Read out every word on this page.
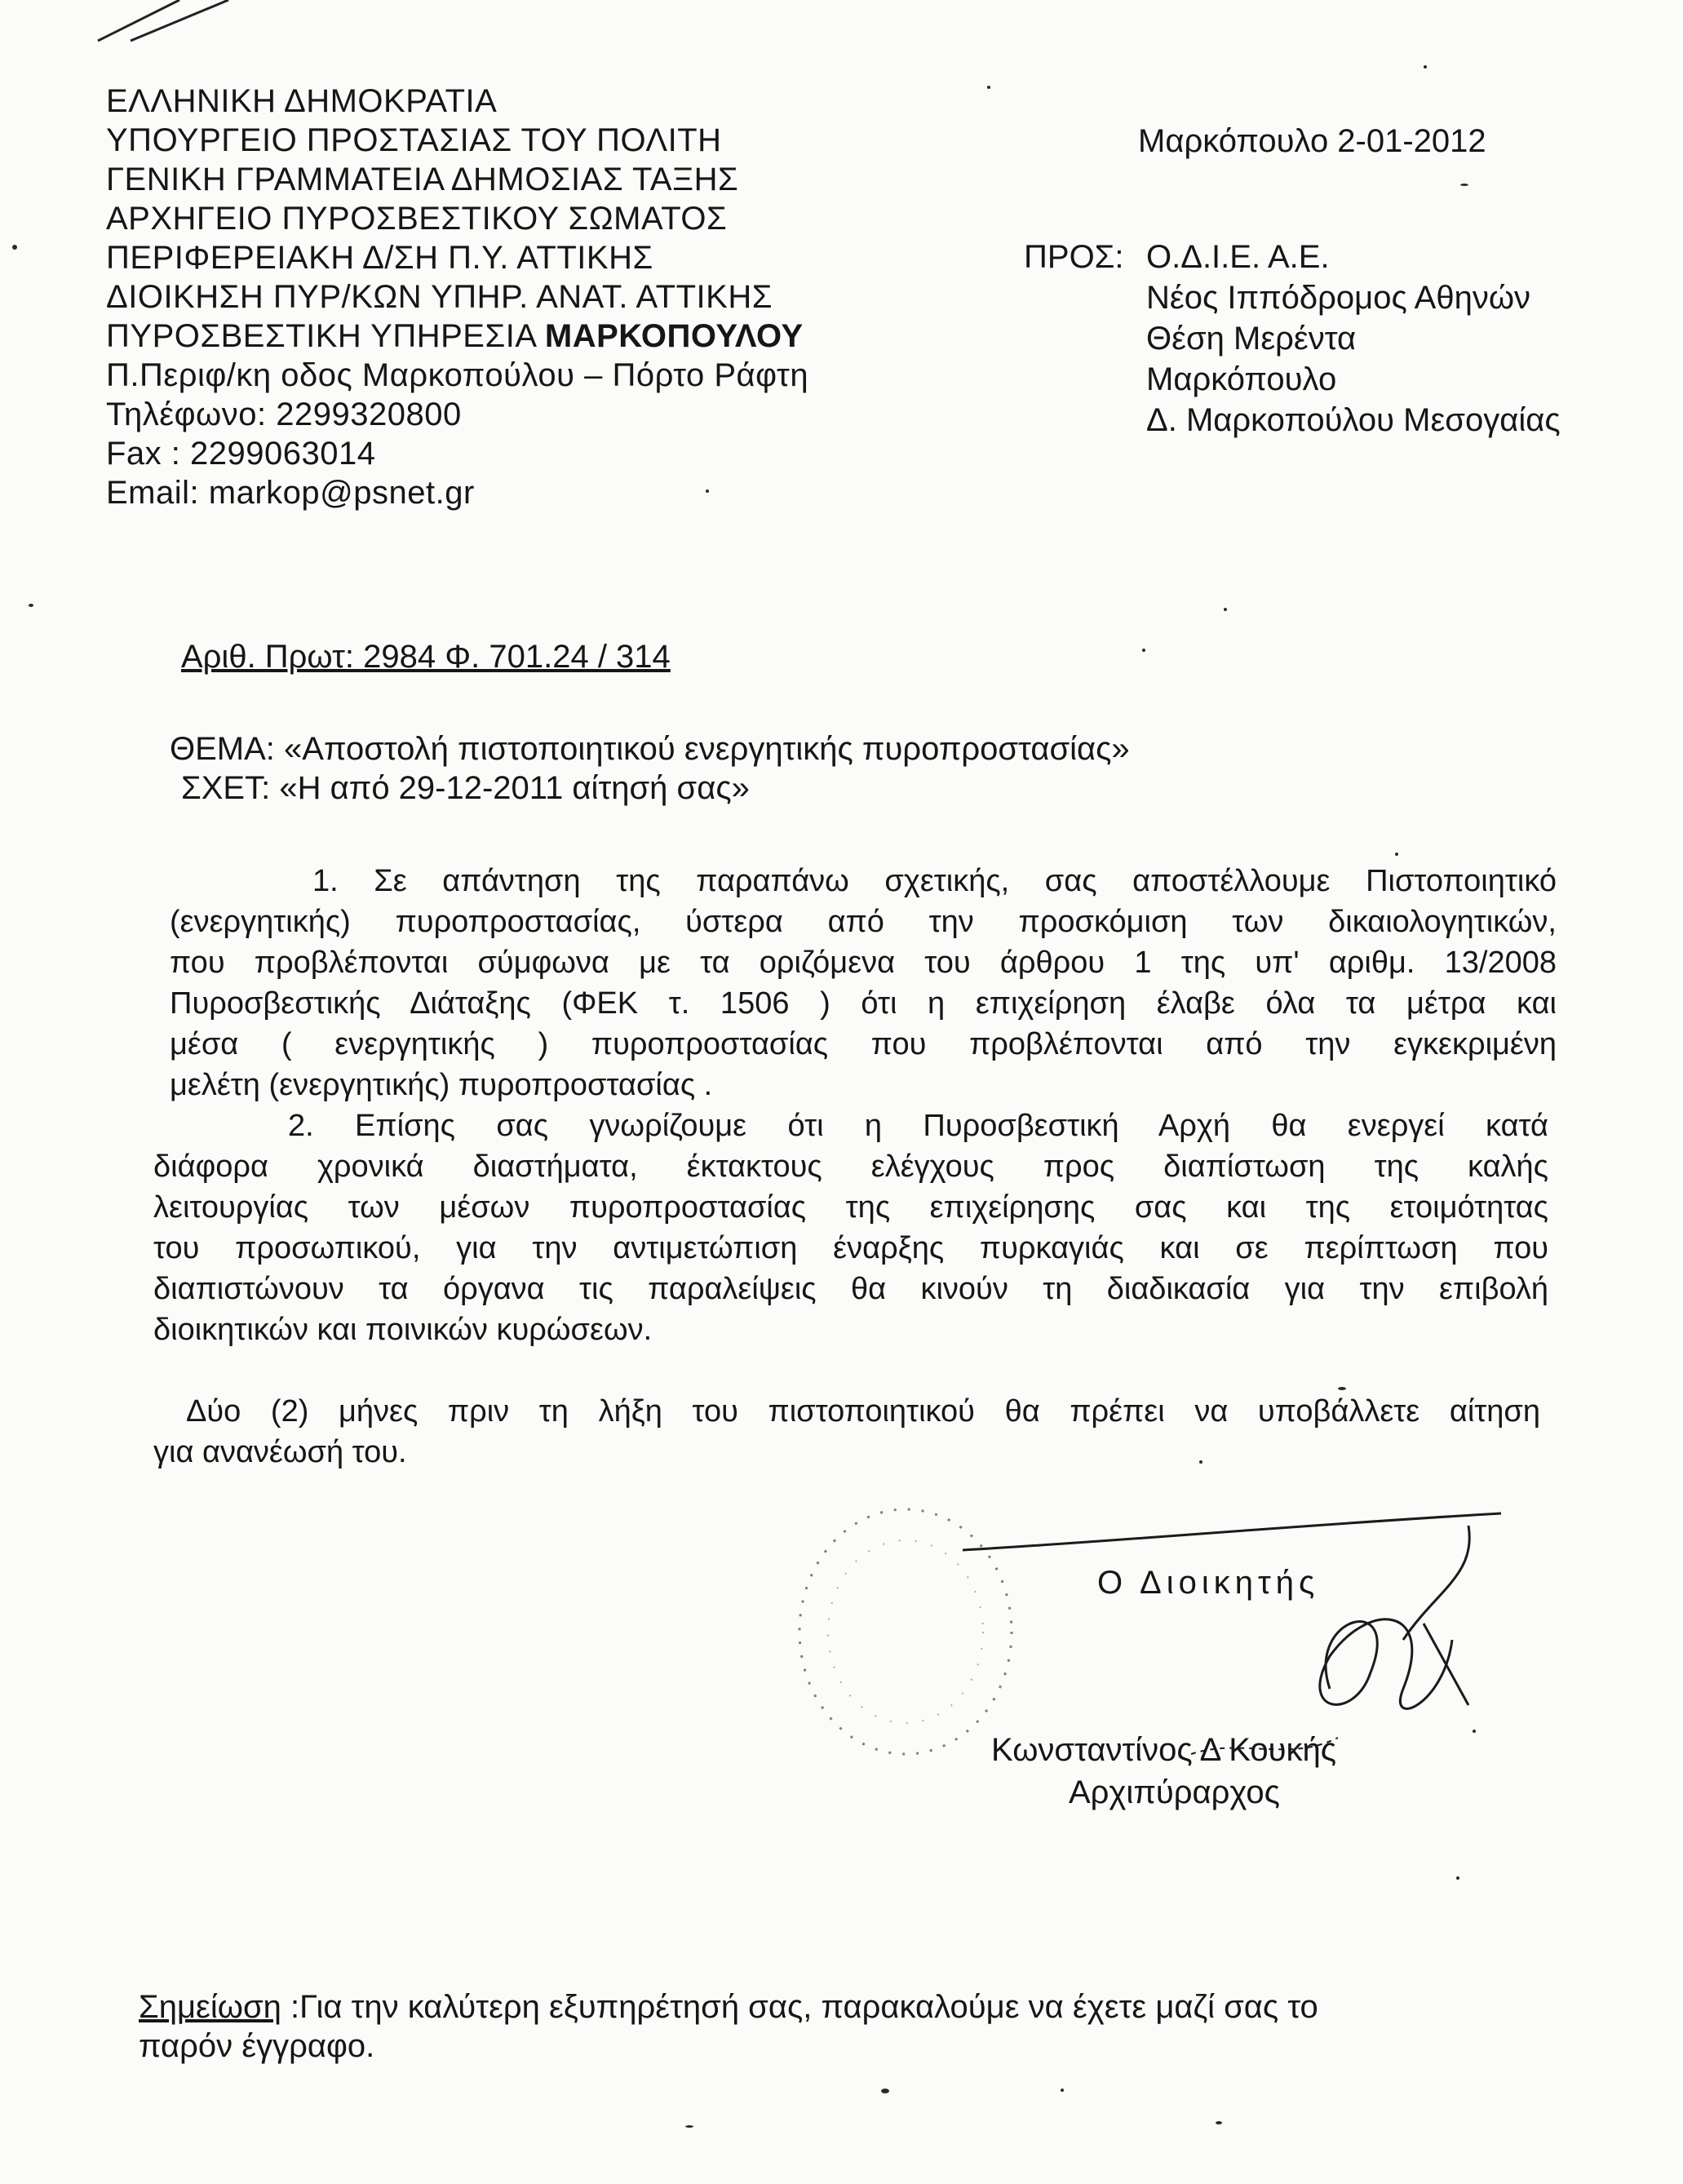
ΕΛΛΗΝΙΚΗ ΔΗΜΟΚΡΑΤΙΑ
ΥΠΟΥΡΓΕΙΟ ΠΡΟΣΤΑΣΙΑΣ ΤΟΥ ΠΟΛΙΤΗ
ΓΕΝΙΚΗ ΓΡΑΜΜΑΤΕΙΑ ΔΗΜΟΣΙΑΣ ΤΑΞΗΣ
ΑΡΧΗΓΕΙΟ ΠΥΡΟΣΒΕΣΤΙΚΟΥ ΣΩΜΑΤΟΣ
ΠΕΡΙΦΕΡΕΙΑΚΗ Δ/ΣΗ Π.Υ. ΑΤΤΙΚΗΣ
ΔΙΟΙΚΗΣΗ ΠΥΡ/ΚΩΝ ΥΠΗΡ. ΑΝΑΤ. ΑΤΤΙΚΗΣ
ΠΥΡΟΣΒΕΣΤΙΚΗ ΥΠΗΡΕΣΙΑ ΜΑΡΚΟΠΟΥΛΟΥ
Π.Περιφ/κη οδος Μαρκοπούλου – Πόρτο Ράφτη
Τηλέφωνο: 2299320800
Fax : 2299063014
Email: markop@psnet.gr
Μαρκόπουλο 2-01-2012
ΠΡΟΣ: Ο.Δ.Ι.Ε. Α.Ε.
Νέος Ιππόδρομος Αθηνών
Θέση Μερέντα
Μαρκόπουλο
Δ. Μαρκοπούλου Μεσογαίας
Αριθ. Πρωτ: 2984 Φ. 701.24 / 314
ΘΕΜΑ: «Αποστολή πιστοποιητικού ενεργητικής πυροπροστασίας»
ΣΧΕΤ: «Η από 29-12-2011 αίτησή σας»
1. Σε απάντηση της παραπάνω σχετικής, σας αποστέλλουμε Πιστοποιητικό
(ενεργητικής) πυροπροστασίας, ύστερα από την προσκόμιση των δικαιολογητικών,
που προβλέπονται σύμφωνα με τα οριζόμενα του άρθρου 1 της υπ' αριθμ. 13/2008
Πυροσβεστικής Διάταξης (ΦΕΚ τ. 1506 ) ότι η επιχείρηση έλαβε όλα τα μέτρα και
μέσα ( ενεργητικής ) πυροπροστασίας που προβλέπονται από την εγκεκριμένη
μελέτη (ενεργητικής) πυροπροστασίας .
2. Επίσης σας γνωρίζουμε ότι η Πυροσβεστική Αρχή θα ενεργεί κατά
διάφορα χρονικά διαστήματα, έκτακτους ελέγχους προς διαπίστωση της καλής
λειτουργίας των μέσων πυροπροστασίας της επιχείρησης σας και της ετοιμότητας
του προσωπικού, για την αντιμετώπιση έναρξης πυρκαγιάς και σε περίπτωση που
διαπιστώνουν τα όργανα τις παραλείψεις θα κινούν τη διαδικασία για την επιβολή
διοικητικών και ποινικών κυρώσεων.
Δύο (2) μήνες πριν τη λήξη του πιστοποιητικού θα πρέπει να υποβάλλετε αίτηση
για ανανέωσή του.
Ο Διοικητής
Κωνσταντίνος Δ Κουκής
Αρχιπύραρχος
Σημείωση :Για την καλύτερη εξυπηρέτησή σας, παρακαλούμε να έχετε μαζί σας το
παρόν έγγραφο.
